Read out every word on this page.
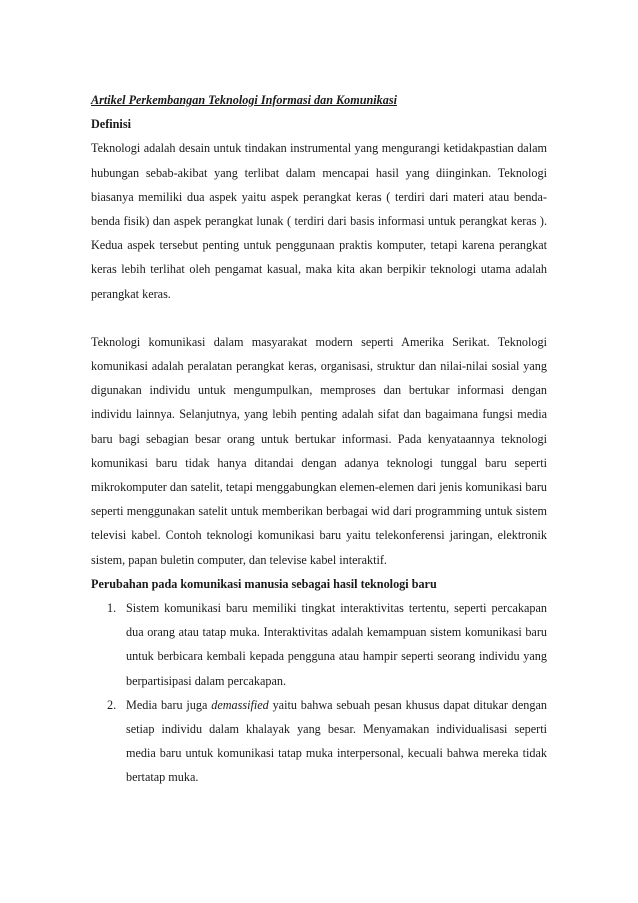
Artikel Perkembangan Teknologi Informasi dan Komunikasi
Definisi

Teknologi adalah desain untuk tindakan instrumental yang mengurangi ketidakpastian dalam hubungan sebab-akibat yang terlibat dalam mencapai hasil yang diinginkan. Teknologi biasanya memiliki dua aspek yaitu aspek perangkat keras ( terdiri dari materi atau benda-benda fisik) dan aspek perangkat lunak ( terdiri dari basis informasi untuk perangkat keras ). Kedua aspek tersebut penting untuk penggunaan praktis komputer, tetapi karena perangkat keras lebih terlihat oleh pengamat kasual, maka kita akan berpikir teknologi utama adalah perangkat keras.

Teknologi komunikasi dalam masyarakat modern seperti Amerika Serikat. Teknologi komunikasi adalah peralatan perangkat keras, organisasi, struktur dan nilai-nilai sosial yang digunakan individu untuk mengumpulkan, memproses dan bertukar informasi dengan individu lainnya. Selanjutnya, yang lebih penting adalah sifat dan bagaimana fungsi media baru bagi sebagian besar orang untuk bertukar informasi. Pada kenyataannya teknologi komunikasi baru tidak hanya ditandai dengan adanya teknologi tunggal baru seperti mikrokomputer dan satelit, tetapi menggabungkan elemen-elemen dari jenis komunikasi baru seperti menggunakan satelit untuk memberikan berbagai wid dari programming untuk sistem televisi kabel. Contoh teknologi komunikasi baru yaitu telekonferensi jaringan, elektronik sistem, papan buletin computer, dan televise kabel interaktif.

Perubahan pada komunikasi manusia sebagai hasil teknologi baru
1. Sistem komunikasi baru memiliki tingkat interaktivitas tertentu, seperti percakapan dua orang atau tatap muka. Interaktivitas adalah kemampuan sistem komunikasi baru untuk berbicara kembali kepada pengguna atau hampir seperti seorang individu yang berpartisipasi dalam percakapan.
2. Media baru juga demassified yaitu bahwa sebuah pesan khusus dapat ditukar dengan setiap individu dalam khalayak yang besar. Menyamakan individualisasi seperti media baru untuk komunikasi tatap muka interpersonal, kecuali bahwa mereka tidak bertatap muka.
